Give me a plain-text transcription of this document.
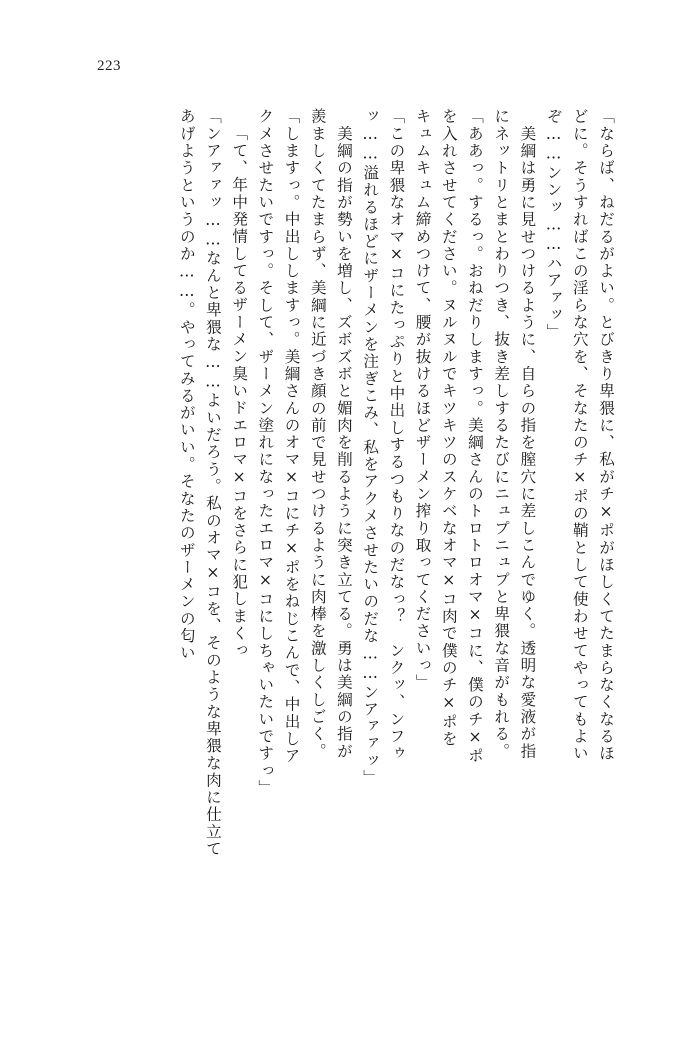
223
「ならば、ねだるがよい。とびきり卑猥に、私がチ×ポがほしくてたまらなくなるほ
どに。そうすればこの淫らな穴を、そなたのチ×ポの鞘として使わせてやってもよい
ぞ……ンンッ……ハアァッ」
　美綱は勇に見せつけるように、自らの指を膣穴に差しこんでゆく。透明な愛液が指
にネットリとまとわりつき、抜き差しするたびにニュプニュプと卑猥な音がもれる。
「ああっ。するっ。おねだりしますっ。美綱さんのトロトロオマ×コに、僕のチ×ポ
を入れさせてください。ヌルヌルでキツキツのスケベなオマ×コ肉で僕のチ×ポを
キュムキュム締めつけて、腰が抜けるほどザーメン搾り取ってくださいっ」
「この卑猥なオマ×コにたっぷりと中出しするつもりなのだなっ？　ンクッ、ンフゥ
ッ……溢れるほどにザーメンを注ぎこみ、私をアクメさせたいのだな……ンアァァッ」
　美綱の指が勢いを増し、ズボズボと媚肉を削るように突き立てる。勇は美綱の指が
羨ましくてたまらず、美綱に近づき顔の前で見せつけるように肉棒を激しくしごく。
「しますっ。中出ししますっ。美綱さんのオマ×コにチ×ポをねじこんで、中出しア
クメさせたいですっ。そして、ザーメン塗れになったエロマ×コにしちゃいたいですっ」
「て、年中発情してるザーメン臭いドエロマ×コをさらに犯しまくっ
「ンアァァッ……なんと卑猥な……よいだろう。私のオマ×コを、そのような卑猥な肉に仕立て
あげようというのか……。やってみるがいい。そなたのザーメンの匂い
